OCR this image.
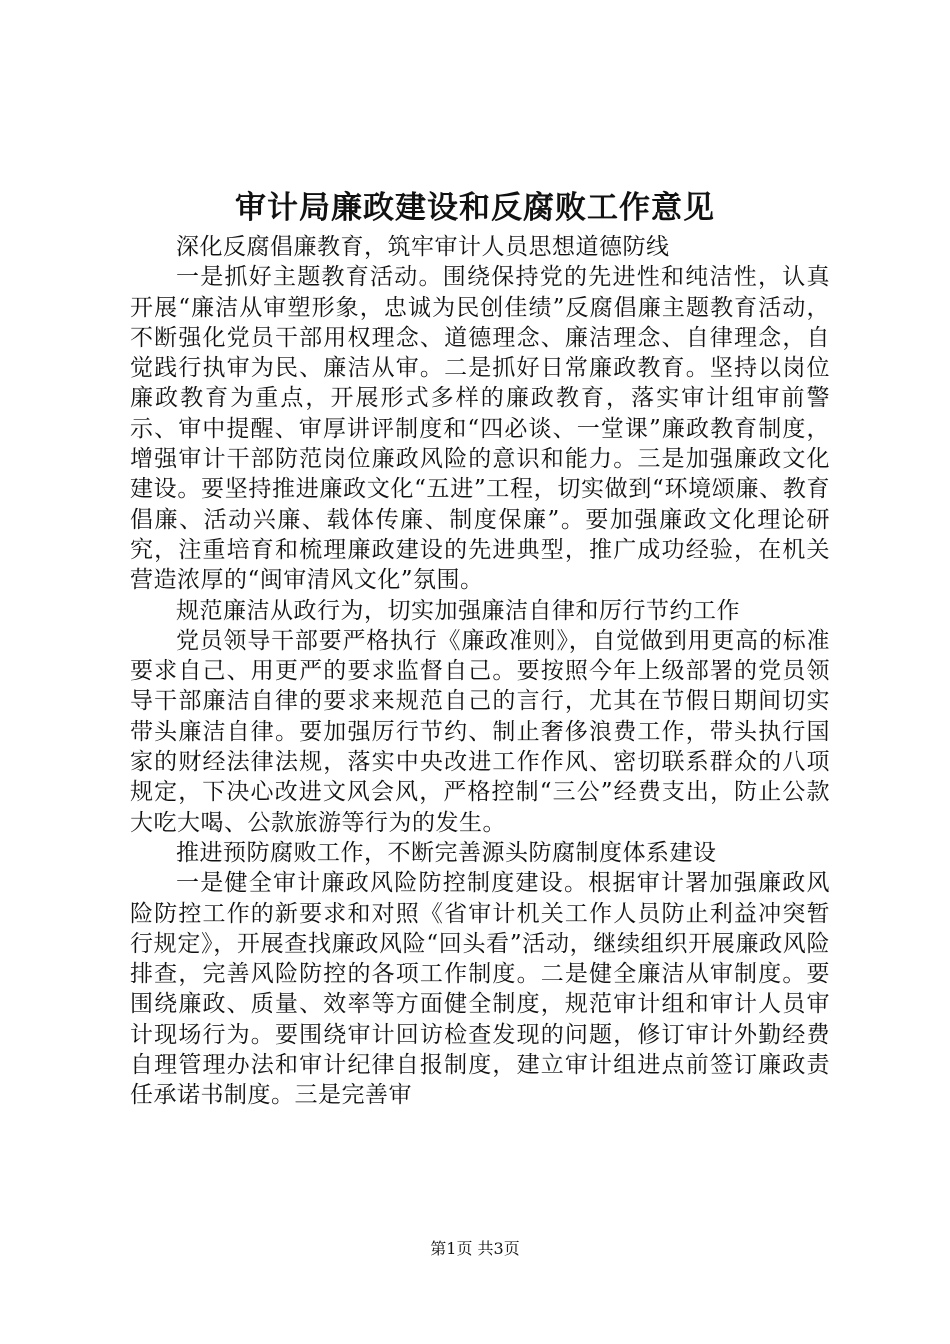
审计局廉政建设和反腐败工作意见

深化反腐倡廉教育，筑牢审计人员思想道德防线

一是抓好主题教育活动。围绕保持党的先进性和纯洁性，认真开展“廉洁从审塑形象，忠诚为民创佳绩”反腐倡廉主题教育活动，不断强化党员干部用权理念、道德理念、廉洁理念、自律理念，自觉践行执审为民、廉洁从审。二是抓好日常廉政教育。坚持以岗位廉政教育为重点，开展形式多样的廉政教育，落实审计组审前警示、审中提醒、审厚讲评制度和“四必谈、一堂课”廉政教育制度，增强审计干部防范岗位廉政风险的意识和能力。三是加强廉政文化建设。要坚持推进廉政文化“五进”工程，切实做到“环境颂廉、教育倡廉、活动兴廉、载体传廉、制度保廉”。要加强廉政文化理论研究，注重培育和梳理廉政建设的先进典型，推广成功经验，在机关营造浓厚的“闽审清风文化”氛围。

规范廉洁从政行为，切实加强廉洁自律和厉行节约工作

党员领导干部要严格执行《廉政准则》，自觉做到用更高的标准要求自己、用更严的要求监督自己。要按照今年上级部署的党员领导干部廉洁自律的要求来规范自己的言行，尤其在节假日期间切实带头廉洁自律。要加强厉行节约、制止奢侈浪费工作，带头执行国家的财经法律法规，落实中央改进工作作风、密切联系群众的八项规定，下决心改进文风会风，严格控制“三公”经费支出，防止公款大吃大喝、公款旅游等行为的发生。

推进预防腐败工作，不断完善源头防腐制度体系建设

一是健全审计廉政风险防控制度建设。根据审计署加强廉政风险防控工作的新要求和对照《省审计机关工作人员防止利益冲突暂行规定》，开展查找廉政风险“回头看”活动，继续组织开展廉政风险排查，完善风险防控的各项工作制度。二是健全廉洁从审制度。要围绕廉政、质量、效率等方面健全制度，规范审计组和审计人员审计现场行为。要围绕审计回访检查发现的问题，修订审计外勤经费自理管理办法和审计纪律自报制度，建立审计组进点前签订廉政责任承诺书制度。三是完善审

第1页 共3页
